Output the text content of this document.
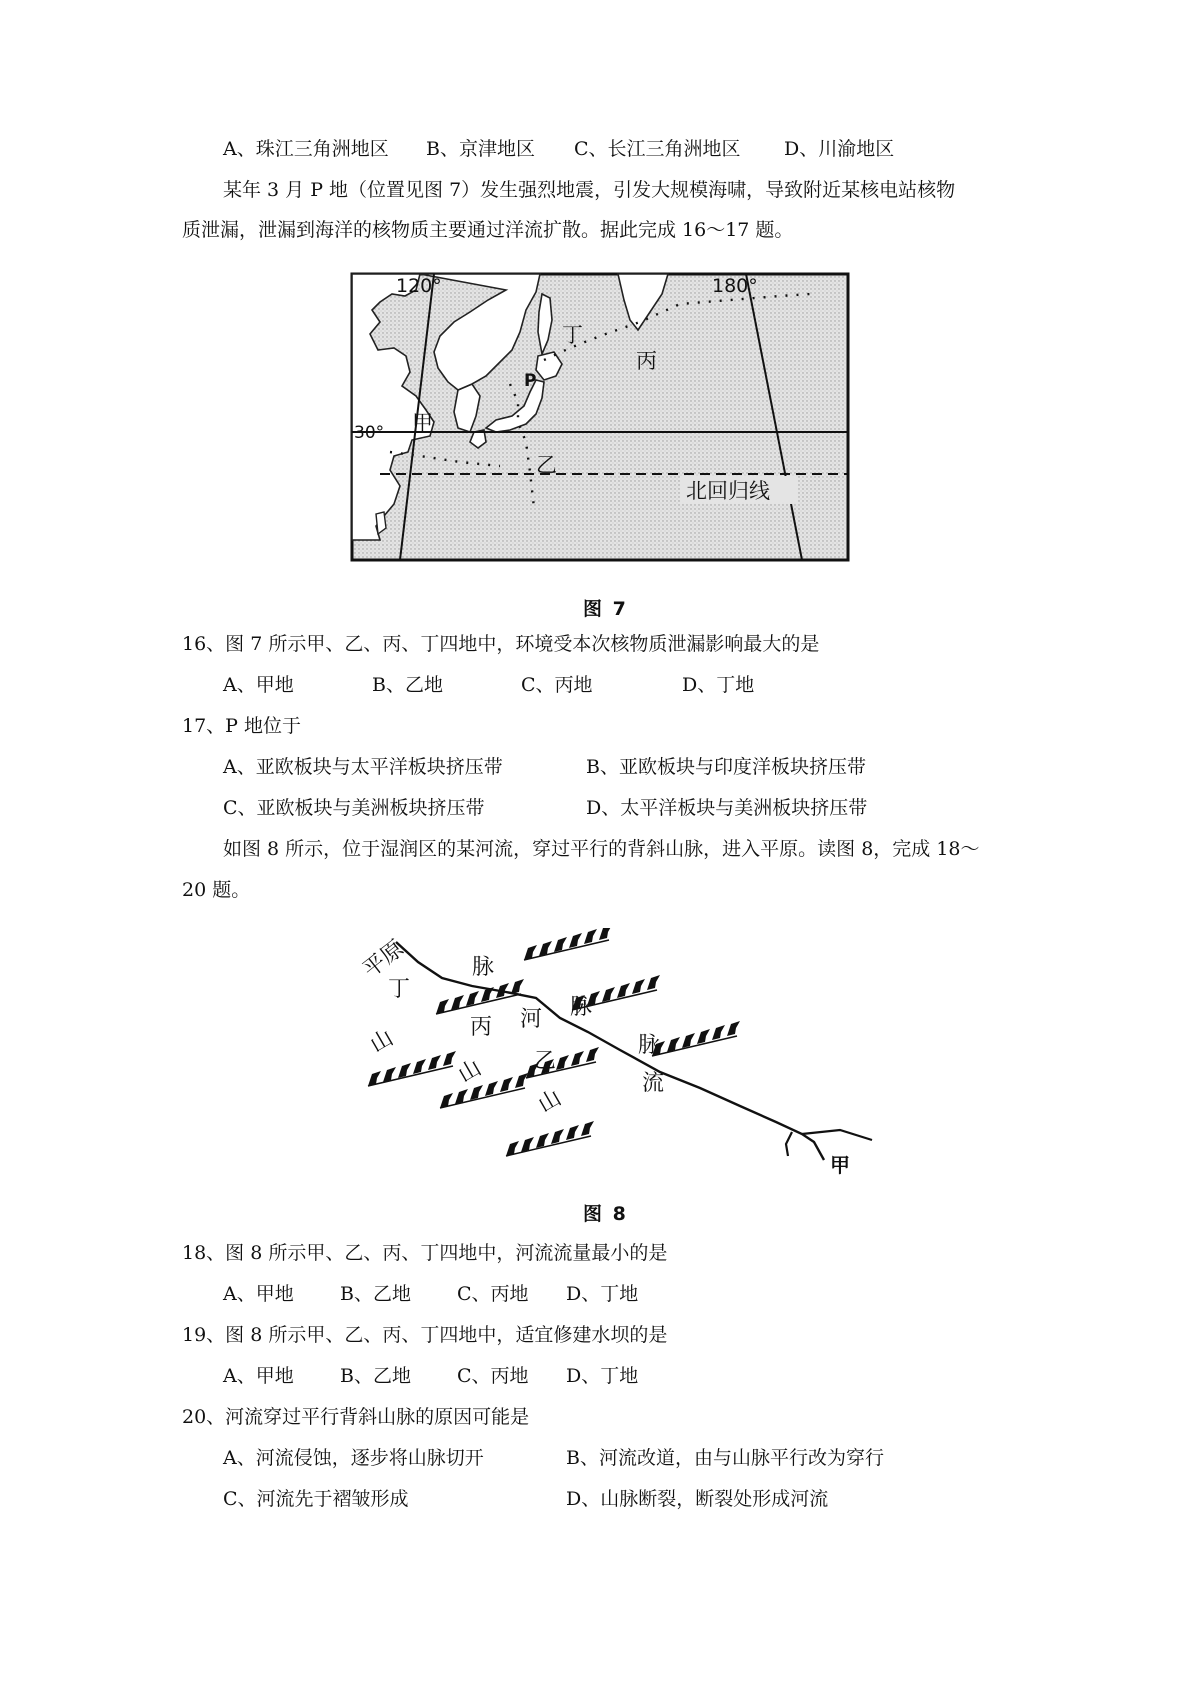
A、珠江三角洲地区 B、京津地区 C、长江三角洲地区 D、川渝地区
某年 3 月 P 地（位置见图 7）发生强烈地震，引发大规模海啸，导致附近某核电站核物
质泄漏，泄漏到海洋的核物质主要通过洋流扩散。据此完成 16～17 题。
120°	180°
30°
丁
丙
P
甲
乙
北回归线
图 7
16、图 7 所示甲、乙、丙、丁四地中，环境受本次核物质泄漏影响最大的是
A、甲地	B、乙地	C、丙地	D、丁地
17、P 地位于
A、亚欧板块与太平洋板块挤压带	B、亚欧板块与印度洋板块挤压带
C、亚欧板块与美洲板块挤压带	D、太平洋板块与美洲板块挤压带
如图 8 所示，位于湿润区的某河流，穿过平行的背斜山脉，进入平原。读图 8，完成 18～
20 题。
平原
丁
脉
山	丙 河 脉
山 乙
脉
流
山
甲
图 8
18、图 8 所示甲、乙、丙、丁四地中，河流流量最小的是
A、甲地 B、乙地 C、丙地 D、丁地
19、图 8 所示甲、乙、丙、丁四地中，适宜修建水坝的是
A、甲地 B、乙地 C、丙地 D、丁地
20、河流穿过平行背斜山脉的原因可能是
A、河流侵蚀，逐步将山脉切开	B、河流改道，由与山脉平行改为穿行
C、河流先于褶皱形成	D、山脉断裂，断裂处形成河流
